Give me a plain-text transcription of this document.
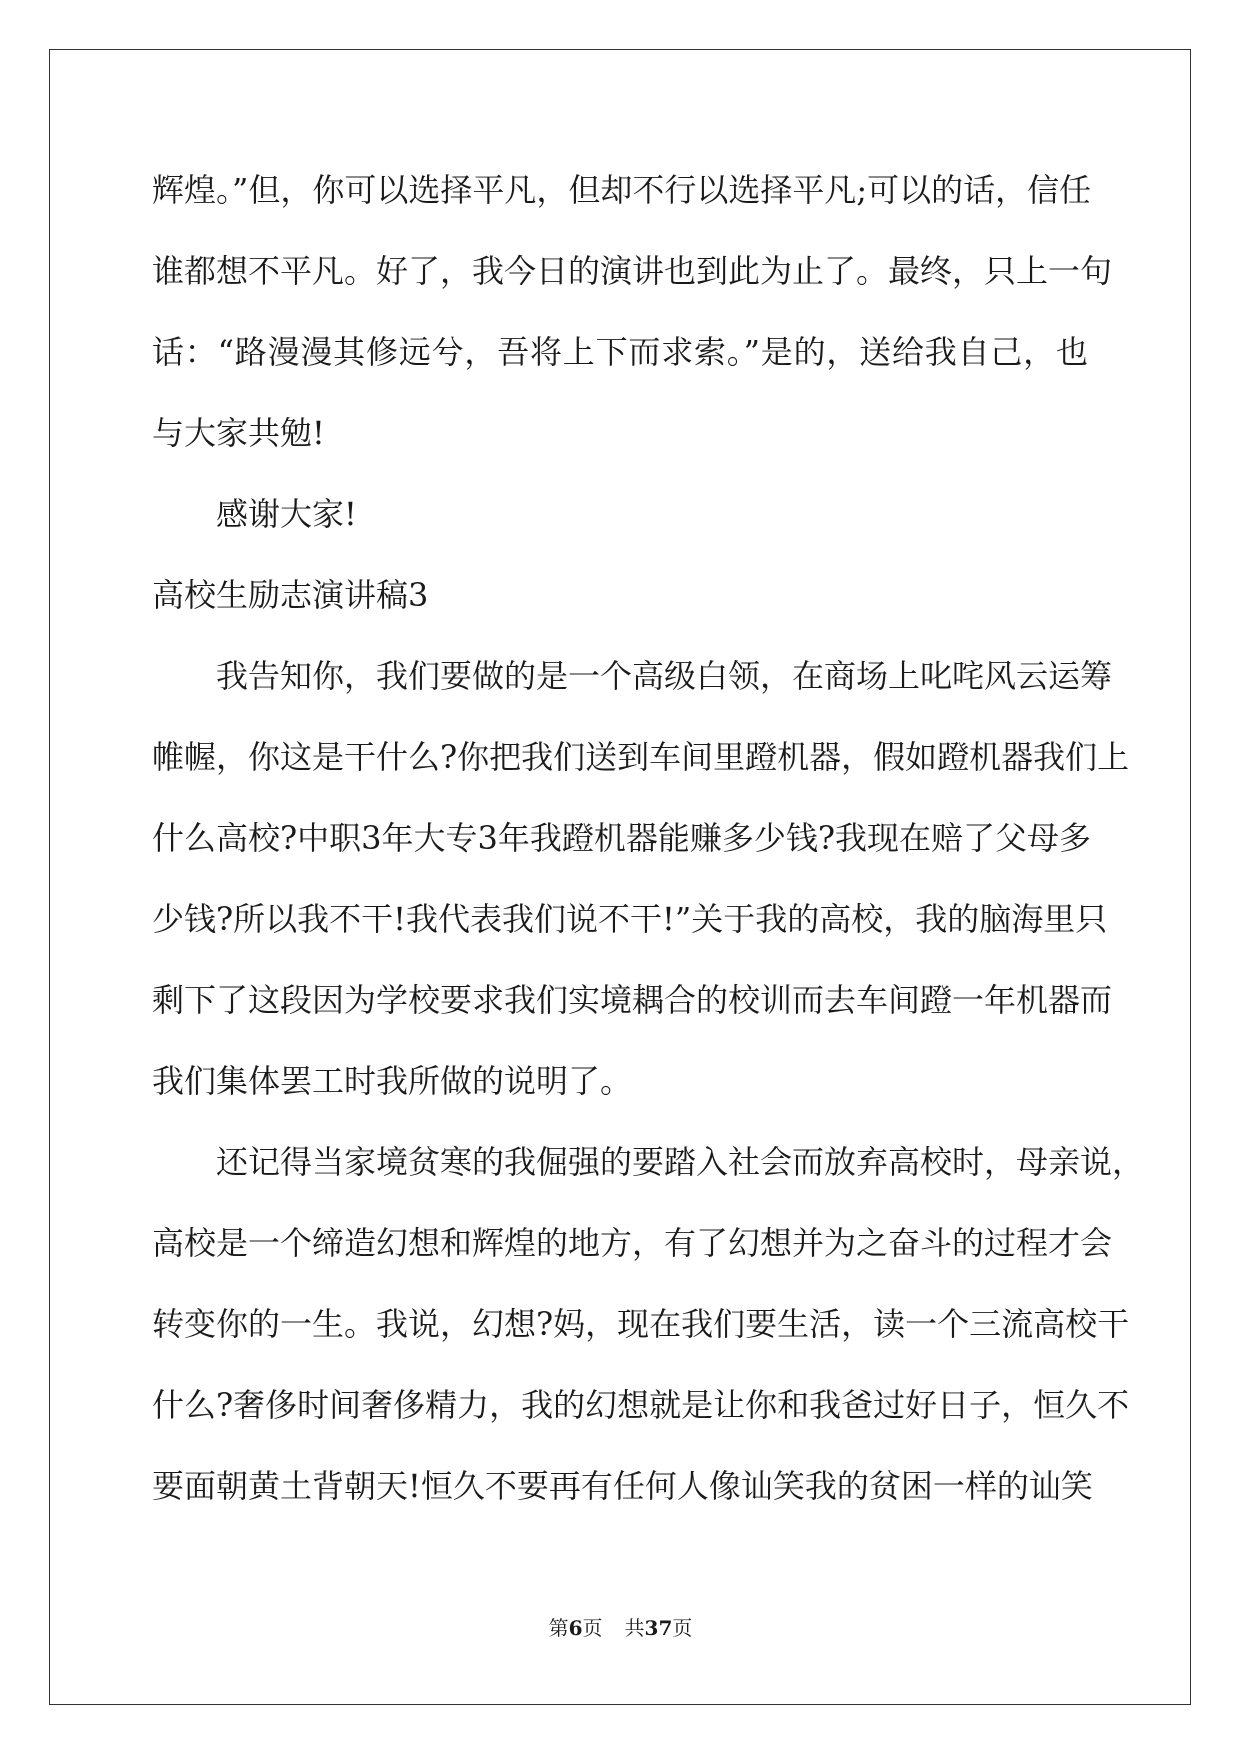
辉煌。”但，你可以选择平凡，但却不行以选择平凡;可以的话，信任
谁都想不平凡。好了，我今日的演讲也到此为止了。最终，只上一句
话：“路漫漫其修远兮，吾将上下而求索。”是的，送给我自己，也
与大家共勉!
感谢大家!
高校生励志演讲稿3
我告知你，我们要做的是一个高级白领，在商场上叱咤风云运筹
帷幄，你这是干什么?你把我们送到车间里蹬机器，假如蹬机器我们上
什么高校?中职3年大专3年我蹬机器能赚多少钱?我现在赔了父母多
少钱?所以我不干!我代表我们说不干!”关于我的高校，我的脑海里只
剩下了这段因为学校要求我们实境耦合的校训而去车间蹬一年机器而
我们集体罢工时我所做的说明了。
还记得当家境贫寒的我倔强的要踏入社会而放弃高校时，母亲说，
高校是一个缔造幻想和辉煌的地方，有了幻想并为之奋斗的过程才会
转变你的一生。我说，幻想?妈，现在我们要生活，读一个三流高校干
什么?奢侈时间奢侈精力，我的幻想就是让你和我爸过好日子，恒久不
要面朝黄土背朝天!恒久不要再有任何人像讪笑我的贫困一样的讪笑
第6页 共37页
